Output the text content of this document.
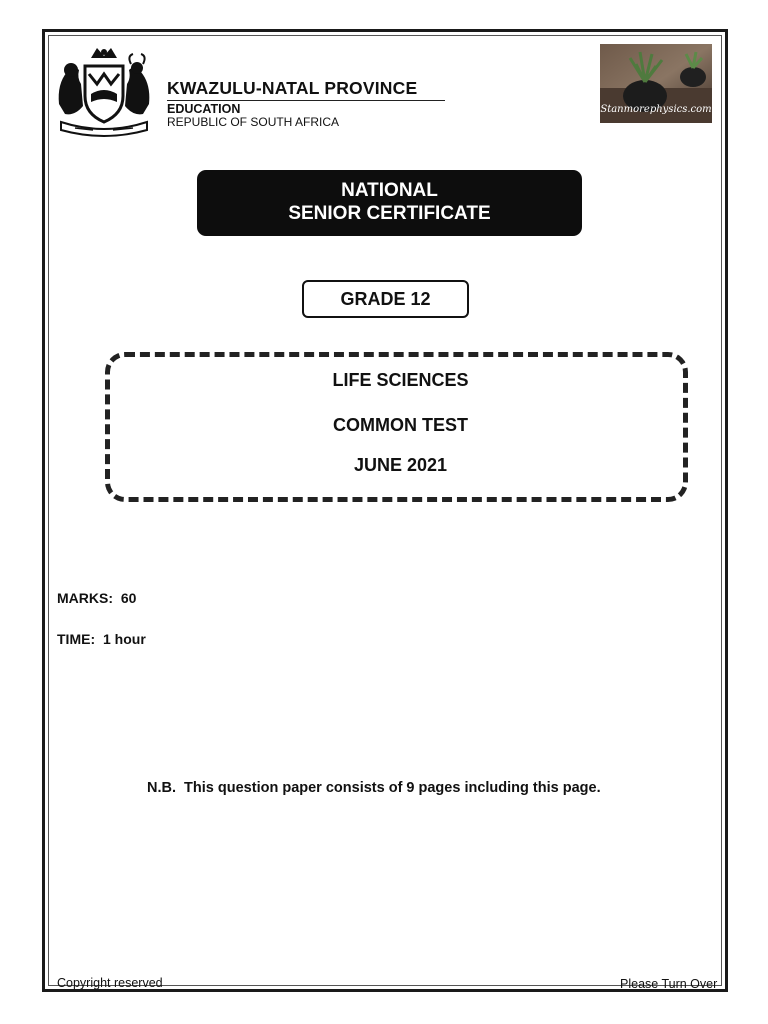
KWAZULU-NATAL PROVINCE
EDUCATION
REPUBLIC OF SOUTH AFRICA
Stanmorephysics.com
NATIONAL
SENIOR CERTIFICATE
GRADE 12
LIFE SCIENCES
COMMON TEST
JUNE 2021
MARKS: 60
TIME: 1 hour
N.B.  This question paper consists of 9 pages including this page.
Copyright reserved	Please Turn Over
